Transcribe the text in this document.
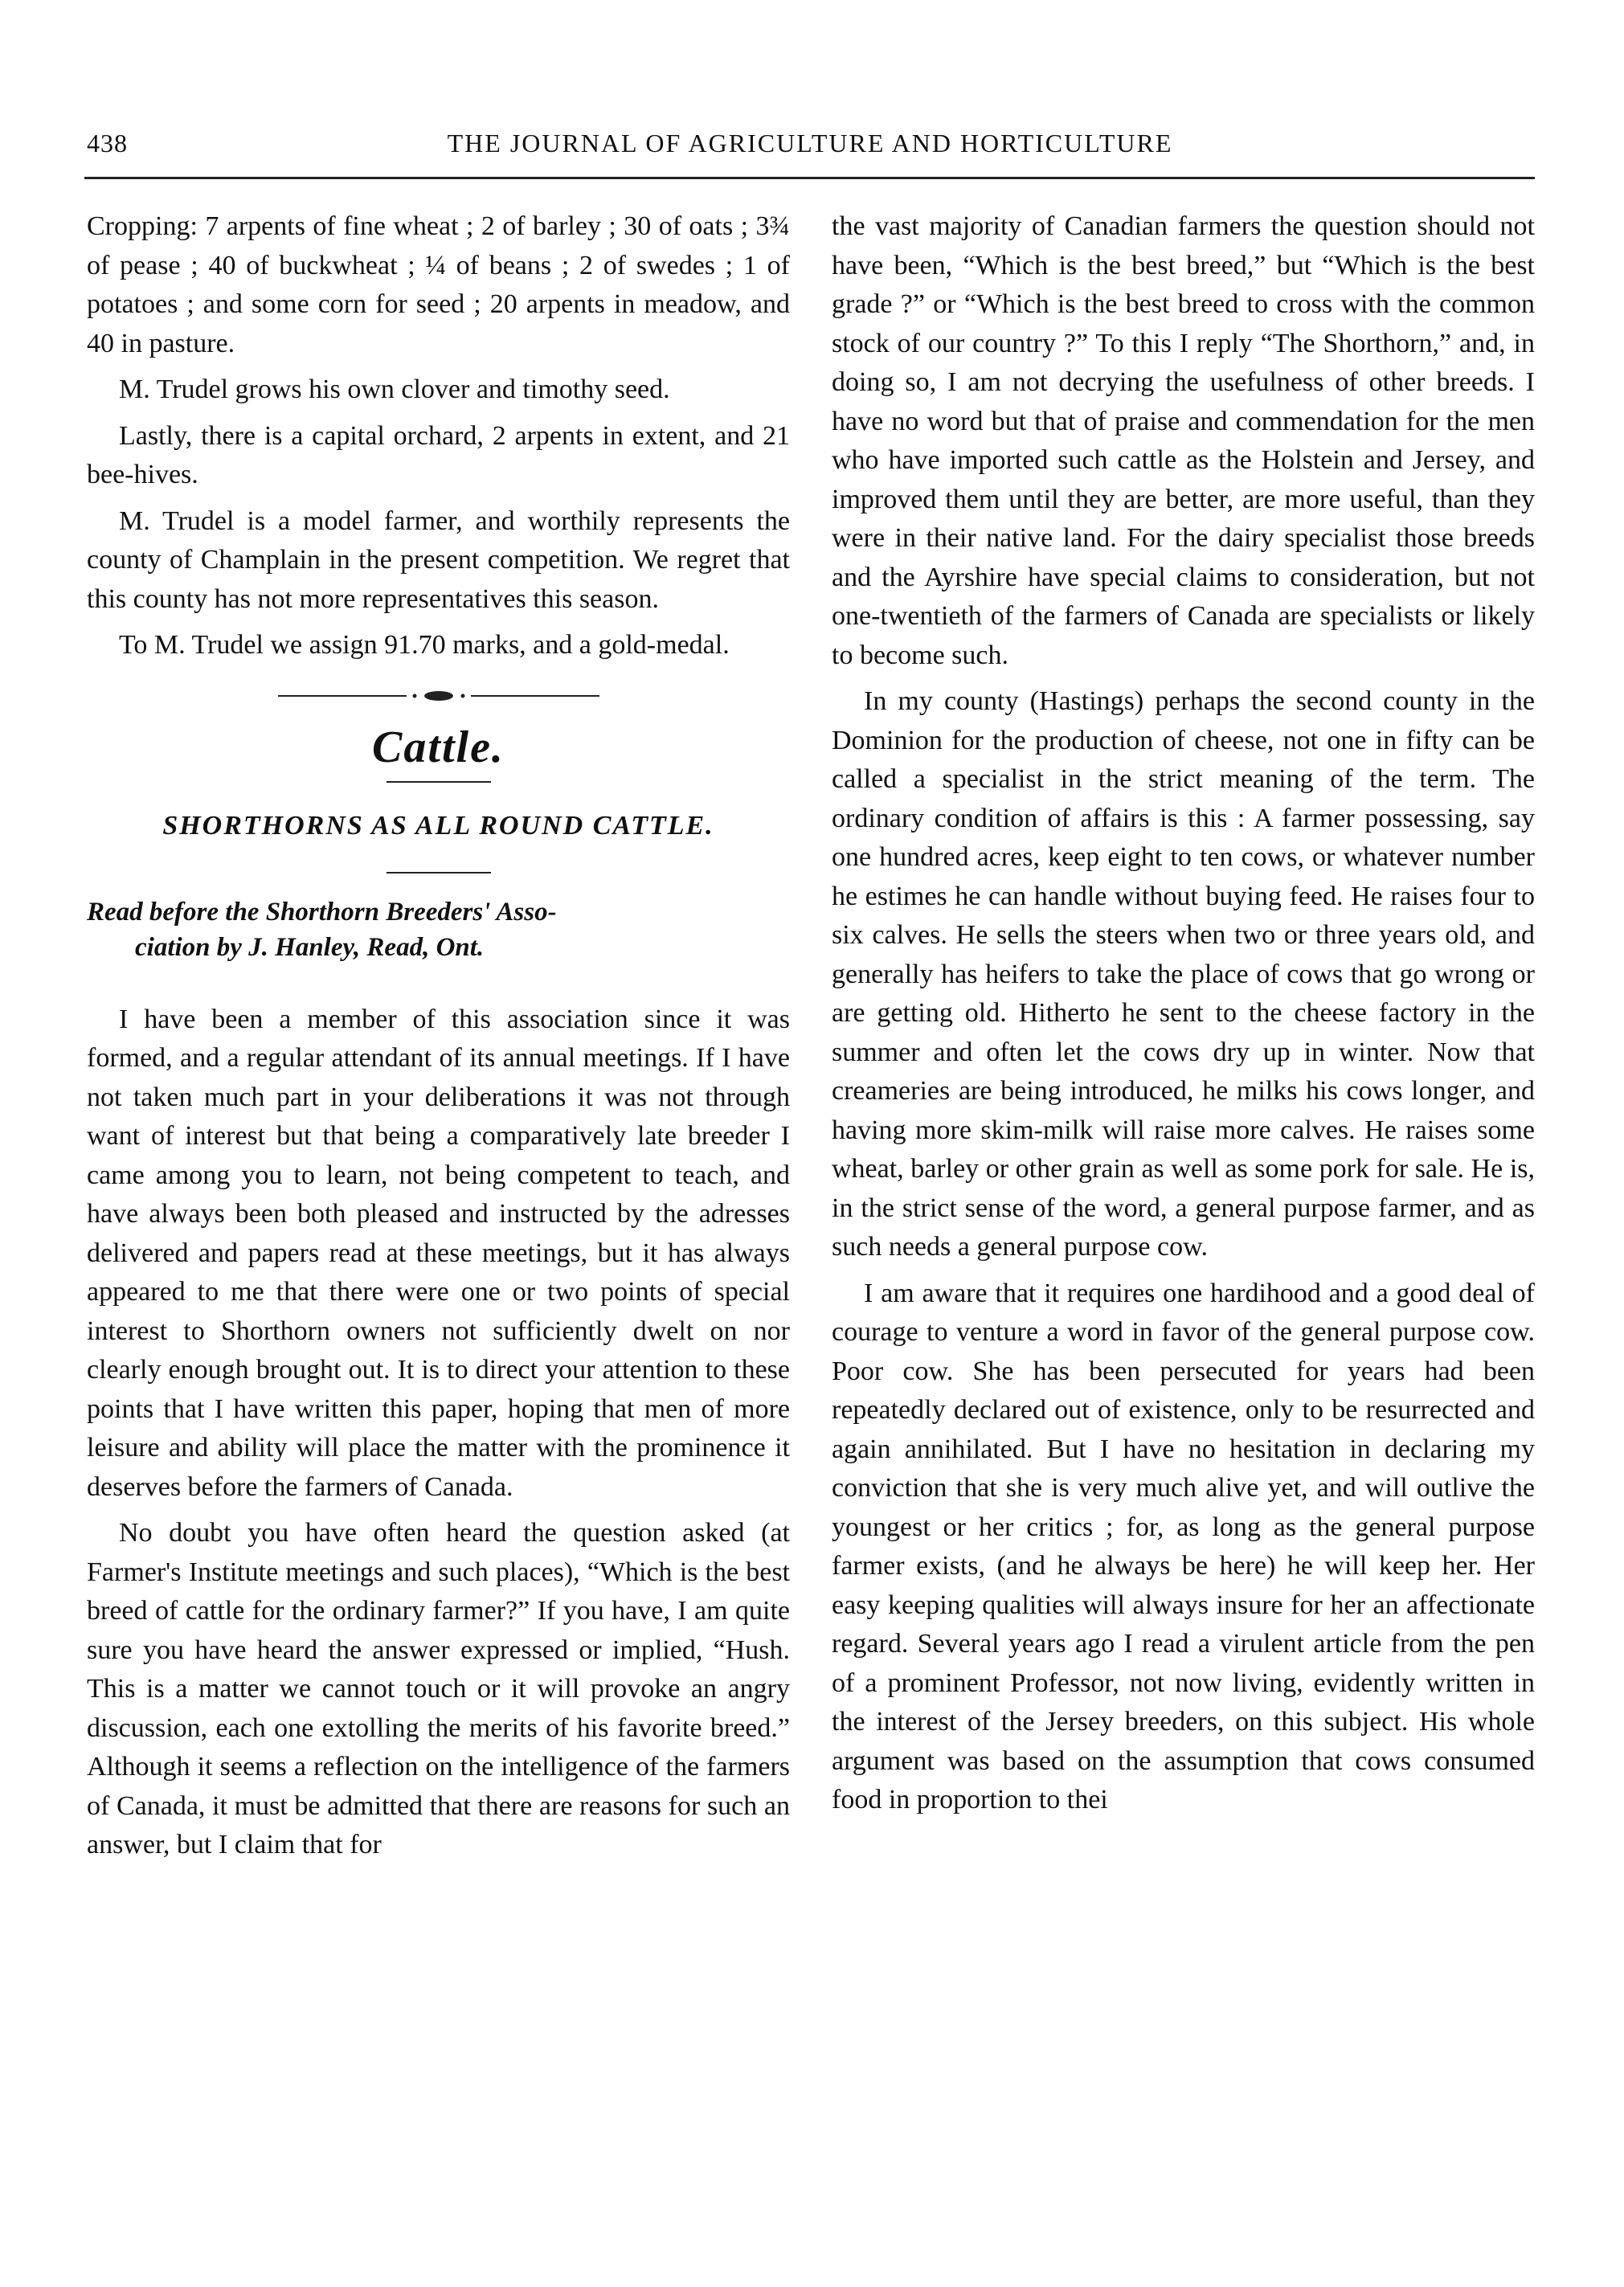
438	THE JOURNAL OF AGRICULTURE AND HORTICULTURE

Cropping: 7 arpents of fine wheat ; 2 of barley ; 30 of oats ; 3¾ of pease ; 40 of buckwheat ; ¼ of beans ; 2 of swedes ; 1 of potatoes ; and some corn for seed ; 20 arpents in meadow, and 40 in pasture.

M. Trudel grows his own clover and timothy seed.

Lastly, there is a capital orchard, 2 arpents in extent, and 21 bee-hives.

M. Trudel is a model farmer, and worthily represents the county of Champlain in the present competition. We regret that this county has not more representatives this season.

To M. Trudel we assign 91.70 marks, and a gold-medal.

Cattle.
SHORTHORNS AS ALL ROUND CATTLE.
Read before the Shorthorn Breeders' Asso-
ciation by J. Hanley, Read, Ont.

I have been a member of this association since it was formed, and a regular attendant of its annual meetings. If I have not taken much part in your deliberations it was not through want of interest but that being a comparatively late breeder I came among you to learn, not being competent to teach, and have always been both pleased and instructed by the adresses delivered and papers read at these meetings, but it has always appeared to me that there were one or two points of special interest to Shorthorn owners not sufficiently dwelt on nor clearly enough brought out. It is to direct your attention to these points that I have written this paper, hoping that men of more leisure and ability will place the matter with the prominence it deserves before the farmers of Canada.

No doubt you have often heard the question asked (at Farmer's Institute meetings and such places), “Which is the best breed of cattle for the ordinary farmer?” If you have, I am quite sure you have heard the answer expressed or implied, “Hush. This is a matter we cannot touch or it will provoke an angry discussion, each one extolling the merits of his favorite breed.” Although it seems a reflection on the intelligence of the farmers of Canada, it must be admitted that there are reasons for such an answer, but I claim that for

the vast majority of Canadian farmers the question should not have been, “Which is the best breed,” but “Which is the best grade ?” or “Which is the best breed to cross with the common stock of our country ?” To this I reply “The Shorthorn,” and, in doing so, I am not decrying the usefulness of other breeds. I have no word but that of praise and commendation for the men who have imported such cattle as the Holstein and Jersey, and improved them until they are better, are more useful, than they were in their native land. For the dairy specialist those breeds and the Ayrshire have special claims to consideration, but not one-twentieth of the farmers of Canada are specialists or likely to become such.

In my county (Hastings) perhaps the second county in the Dominion for the production of cheese, not one in fifty can be called a specialist in the strict meaning of the term. The ordinary condition of affairs is this : A farmer possessing, say one hundred acres, keep eight to ten cows, or whatever number he estimes he can handle without buying feed. He raises four to six calves. He sells the steers when two or three years old, and generally has heifers to take the place of cows that go wrong or are getting old. Hitherto he sent to the cheese factory in the summer and often let the cows dry up in winter. Now that creameries are being introduced, he milks his cows longer, and having more skim-milk will raise more calves. He raises some wheat, barley or other grain as well as some pork for sale. He is, in the strict sense of the word, a general purpose farmer, and as such needs a general purpose cow.

I am aware that it requires one hardihood and a good deal of courage to venture a word in favor of the general purpose cow. Poor cow. She has been persecuted for years had been repeatedly declared out of existence, only to be resurrected and again annihilated. But I have no hesitation in declaring my conviction that she is very much alive yet, and will outlive the youngest or her critics ; for, as long as the general purpose farmer exists, (and he always be here) he will keep her. Her easy keeping qualities will always insure for her an affectionate regard. Several years ago I read a virulent article from the pen of a prominent Professor, not now living, evidently written in the interest of the Jersey breeders, on this subject. His whole argument was based on the assumption that cows consumed food in proportion to thei
